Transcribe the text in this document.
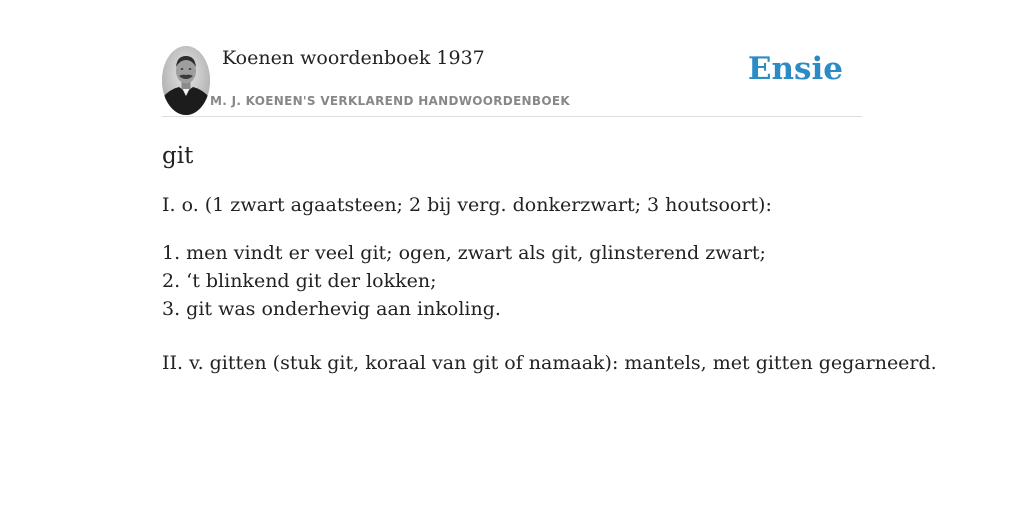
Koenen woordenboek 1937
M. J. KOENEN'S VERKLAREND HANDWOORDENBOEK
Ensie
git

I. o. (1 zwart agaatsteen; 2 bij verg. donkerzwart; 3 houtsoort):

1. men vindt er veel git; ogen, zwart als git, glinsterend zwart;
2. ‘t blinkend git der lokken;
3. git was onderhevig aan inkoling.

II. v. gitten (stuk git, koraal van git of namaak): mantels, met gitten gegarneerd.
